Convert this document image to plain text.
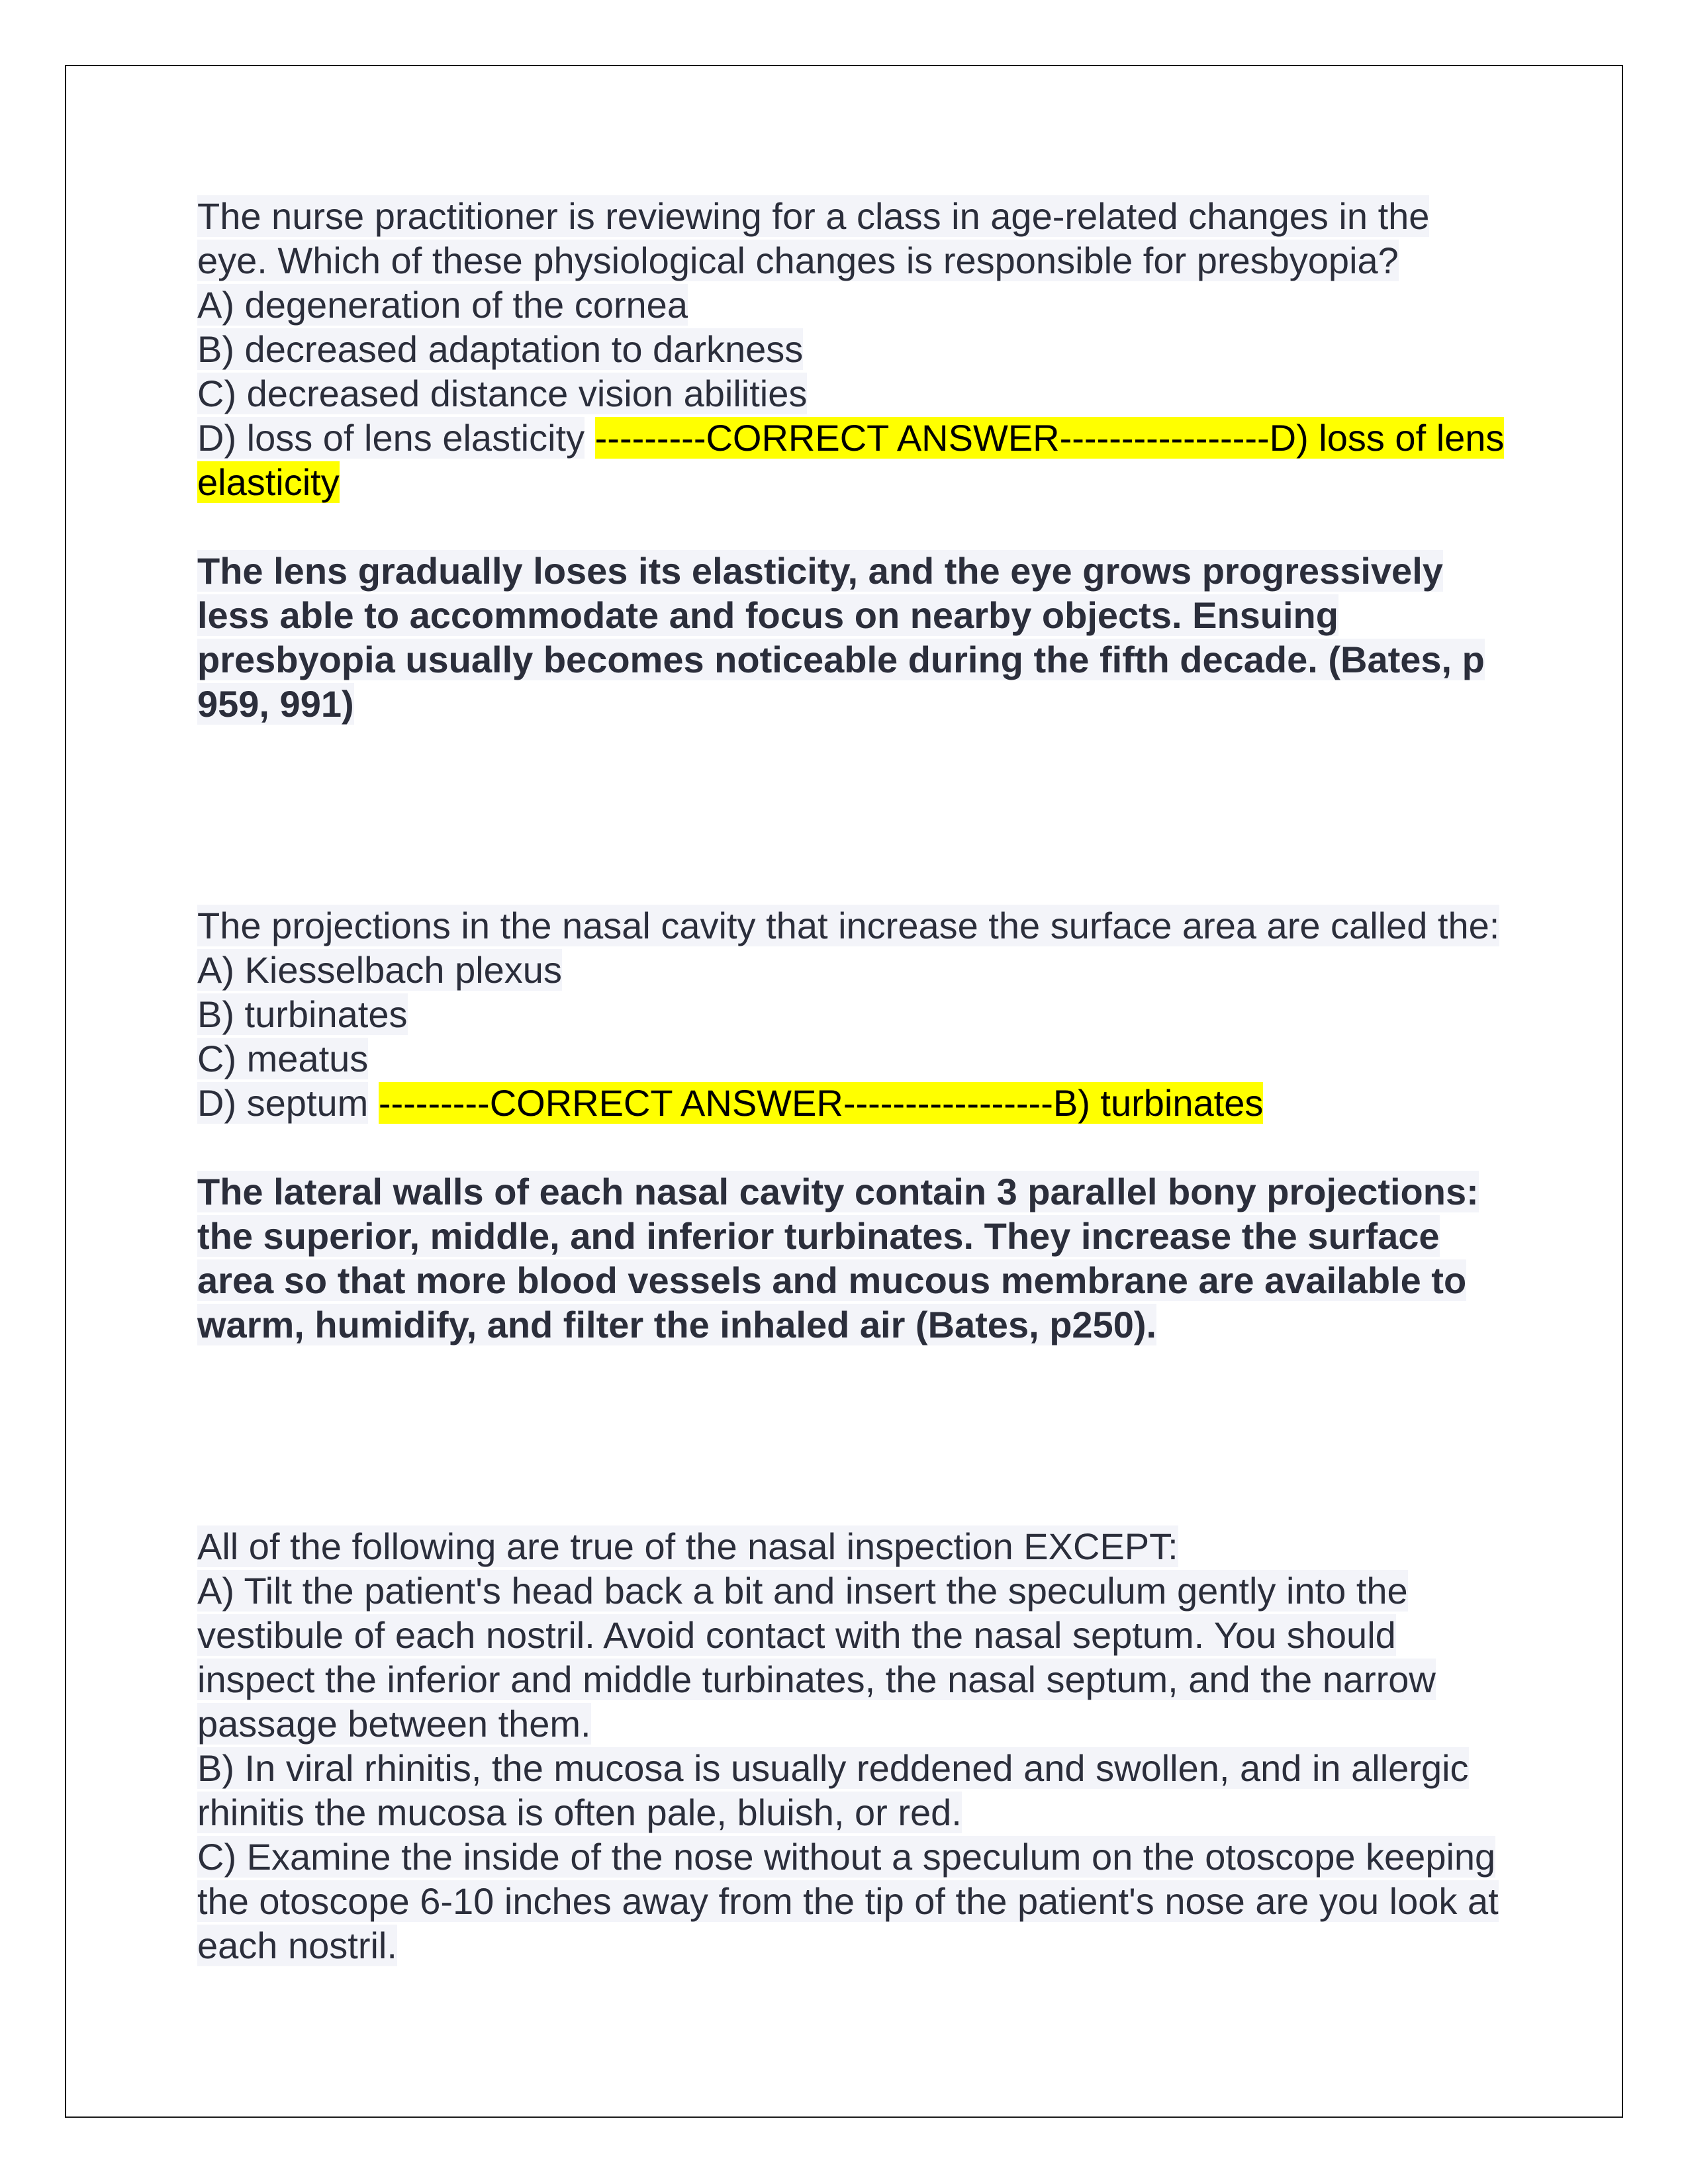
The nurse practitioner is reviewing for a class in age-related changes in the eye. Which of these physiological changes is responsible for presbyopia?
A) degeneration of the cornea
B) decreased adaptation to darkness
C) decreased distance vision abilities
D) loss of lens elasticity ---------CORRECT ANSWER-----------------D) loss of lens elasticity
The lens gradually loses its elasticity, and the eye grows progressively less able to accommodate and focus on nearby objects. Ensuing presbyopia usually becomes noticeable during the fifth decade. (Bates, p 959, 991)
The projections in the nasal cavity that increase the surface area are called the:
A) Kiesselbach plexus
B) turbinates
C) meatus
D) septum ---------CORRECT ANSWER-----------------B) turbinates
The lateral walls of each nasal cavity contain 3 parallel bony projections: the superior, middle, and inferior turbinates. They increase the surface area so that more blood vessels and mucous membrane are available to warm, humidify, and filter the inhaled air (Bates, p250).
All of the following are true of the nasal inspection EXCEPT:
A) Tilt the patient's head back a bit and insert the speculum gently into the vestibule of each nostril. Avoid contact with the nasal septum. You should inspect the inferior and middle turbinates, the nasal septum, and the narrow passage between them.
B) In viral rhinitis, the mucosa is usually reddened and swollen, and in allergic rhinitis the mucosa is often pale, bluish, or red.
C) Examine the inside of the nose without a speculum on the otoscope keeping the otoscope 6-10 inches away from the tip of the patient's nose are you look at each nostril.
